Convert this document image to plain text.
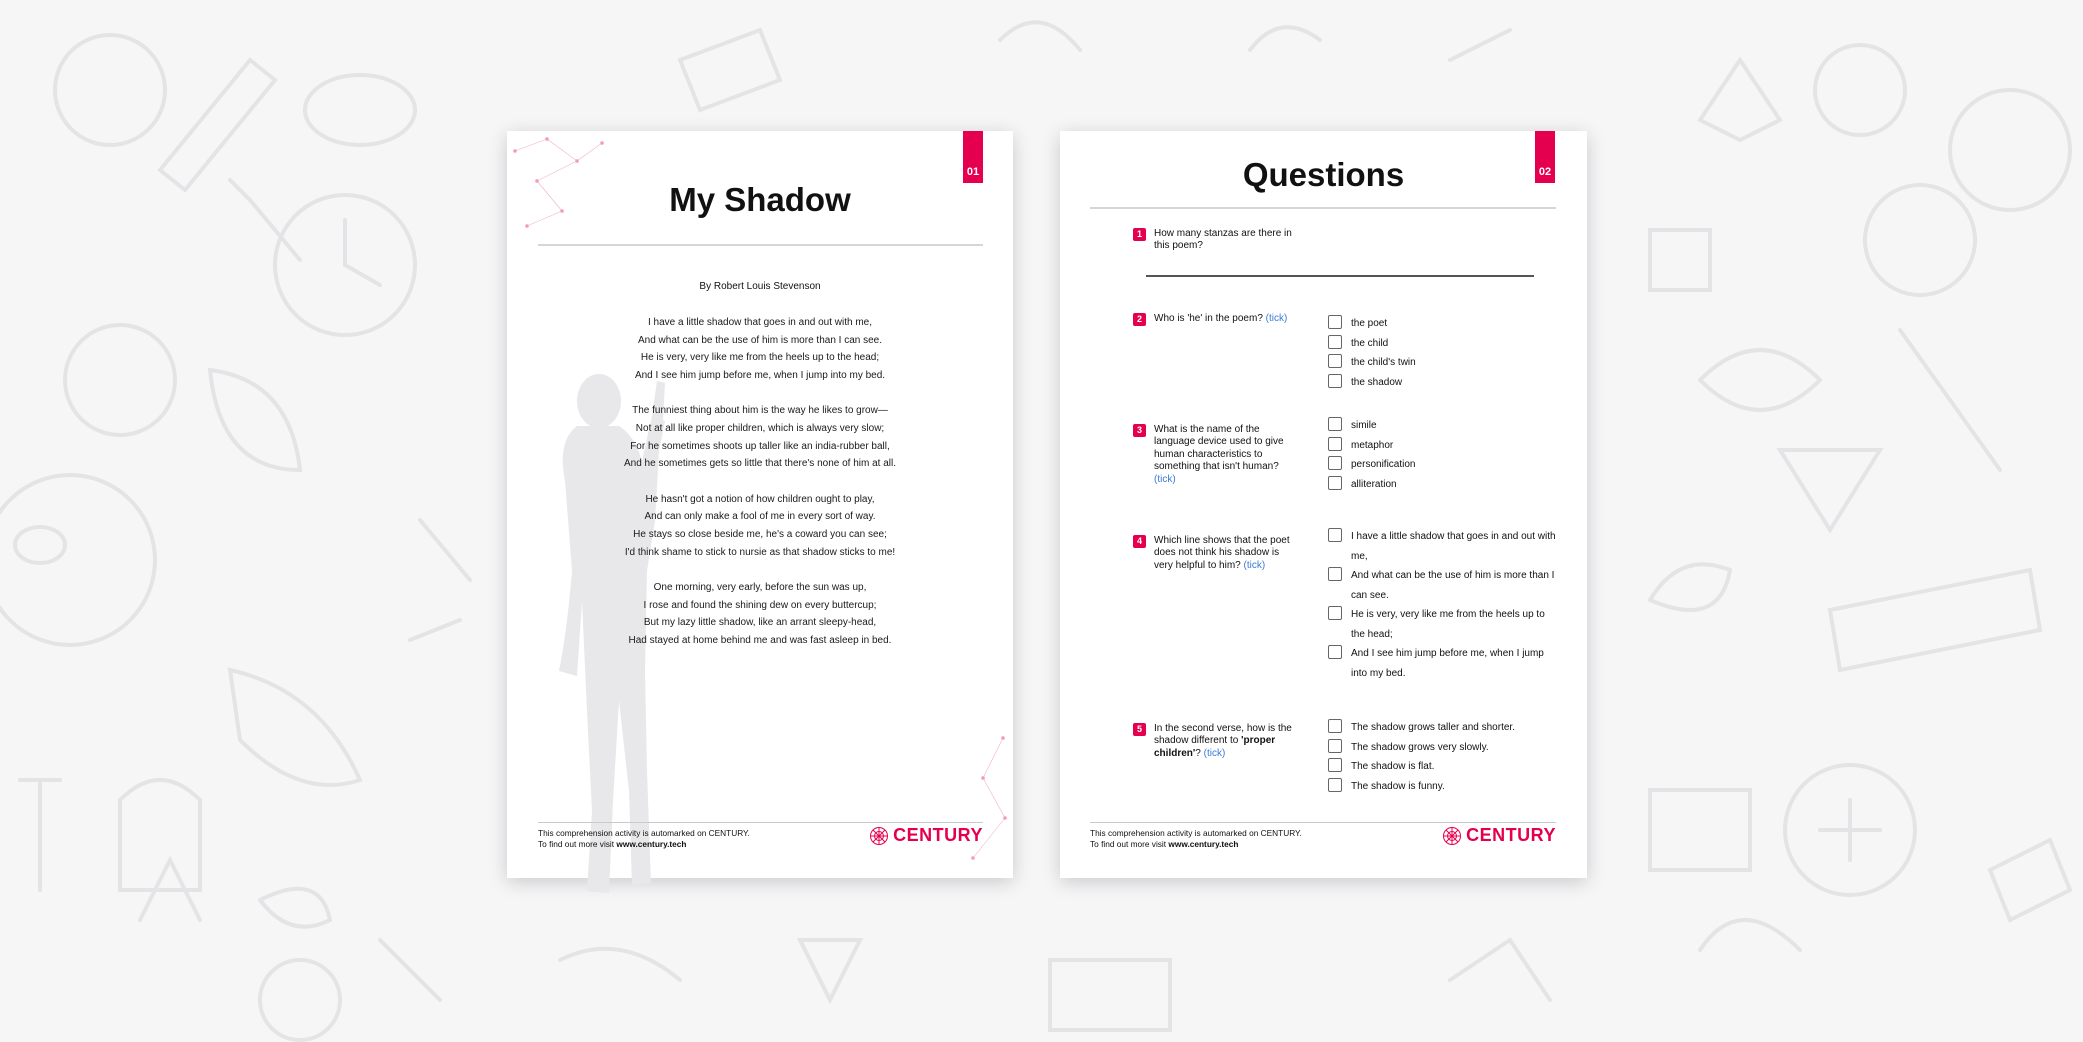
01
My Shadow
By Robert Louis Stevenson
I have a little shadow that goes in and out with me,
And what can be the use of him is more than I can see.
He is very, very like me from the heels up to the head;
And I see him jump before me, when I jump into my bed.
The funniest thing about him is the way he likes to grow—
Not at all like proper children, which is always very slow;
For he sometimes shoots up taller like an india-rubber ball,
And he sometimes gets so little that there's none of him at all.
He hasn't got a notion of how children ought to play,
And can only make a fool of me in every sort of way.
He stays so close beside me, he's a coward you can see;
I'd think shame to stick to nursie as that shadow sticks to me!
One morning, very early, before the sun was up,
I rose and found the shining dew on every buttercup;
But my lazy little shadow, like an arrant sleepy-head,
Had stayed at home behind me and was fast asleep in bed.
This comprehension activity is automarked on CENTURY.
To find out more visit www.century.tech	CENTURY
02
Questions
1	How many stanzas are there in this poem?
2	Who is 'he' in the poem? (tick)	the poet
the child
the child's twin
the shadow
3	What is the name of the language device used to give human characteristics to something that isn't human? (tick)
simile
metaphor
personification
alliteration
4	Which line shows that the poet does not think his shadow is very helpful to him? (tick)
I have a little shadow that goes in and out with me,
And what can be the use of him is more than I can see.
He is very, very like me from the heels up to the head;
And I see him jump before me, when I jump into my bed.
5	In the second verse, how is the shadow different to 'proper children'? (tick)
The shadow grows taller and shorter.
The shadow grows very slowly.
The shadow is flat.
The shadow is funny.
This comprehension activity is automarked on CENTURY.
To find out more visit www.century.tech	CENTURY
